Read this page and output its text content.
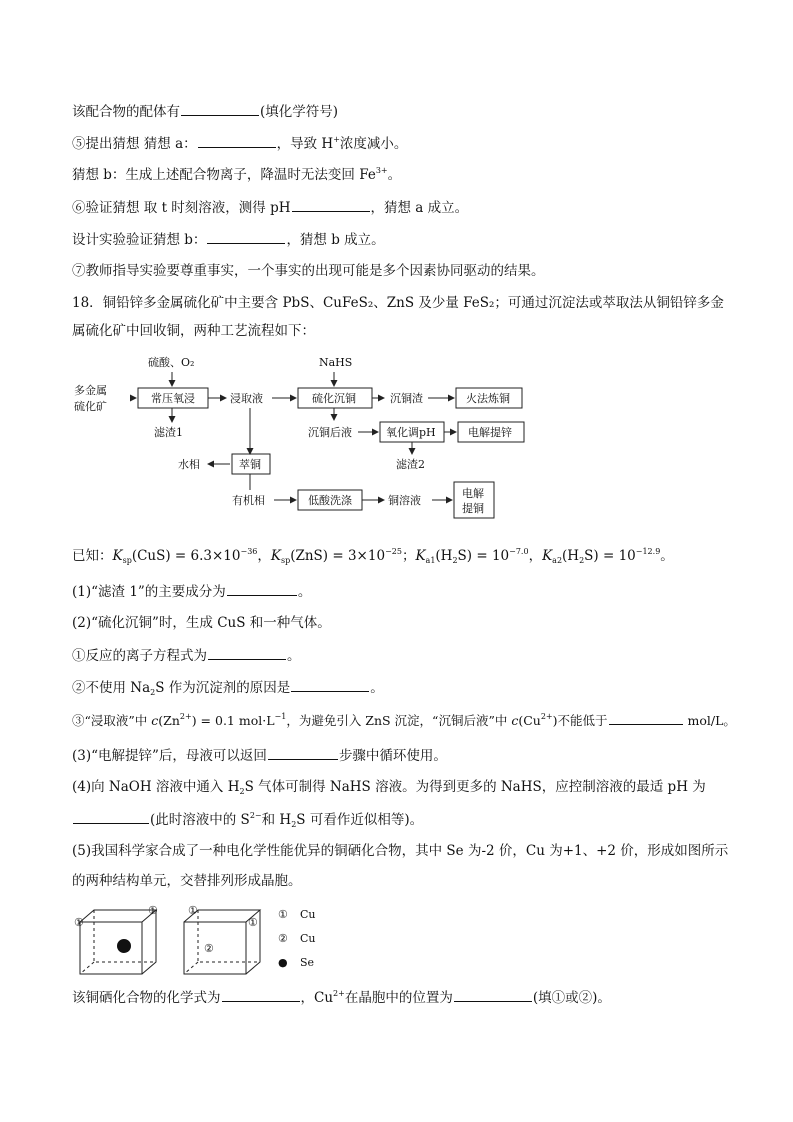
该配合物的配体有	(填化学符号)
⑤提出猜想 猜想 a：	，导致 H+浓度减小。
猜想 b：生成上述配合物离子，降温时无法变回 $Fe^{3+}$。
⑥验证猜想 取 t 时刻溶液，测得 pH	，猜想 a 成立。
设计实验验证猜想 b：	，猜想 b 成立。
⑦教师指导实验要尊重事实，一个事实的出现可能是多个因素协同驱动的结果。
18．铜铅锌多金属硫化矿中主要含 PbS、CuFeS₂、ZnS 及少量 FeS₂；可通过沉淀法或萃取法从铜铅锌多金
属硫化矿中回收铜，两种工艺流程如下：
多金属
硫化矿
硫酸、O₂
常压氧浸
滤渣1
浸取液
NaHS
硫化沉铜	沉铜渣	火法炼铜
沉铜后液	氧化调pH	电解提锌
滤渣2
水相	萃铜
有机相	低酸洗涤	铜溶液
电解
提铜
已知：$K_{sp}(CuS) = 6.3\times 10^{-36}$，$K_{sp}(ZnS) = 3\times 10^{-25}$；$K_{a1}(H_2S) = 10^{-7.0}$，$K_{a2}(H_2S) = 10^{-12.9}$。
(1)“滤渣 1”的主要成分为	。
(2)“硫化沉铜”时，生成 CuS 和一种气体。
①反应的离子方程式为	。
②不使用 $Na_2S$ 作为沉淀剂的原因是	。
③“浸取液”中 $c(Zn^{2+}) = 0.1$ $mol\cdot L^{-1}$，为避免引入 ZnS 沉淀，“沉铜后液”中 $c(Cu^{2+})$不能低于	mol/L。
(3)“电解提锌”后，母液可以返回	步骤中循环使用。
(4)向 NaOH 溶液中通入 $H_2S$ 气体可制得 NaHS 溶液。为得到更多的 NaHS，应控制溶液的最适 pH 为
(此时溶液中的 $S^{2-}$和 $H_2S$ 可看作近似相等)。
(5)我国科学家合成了一种电化学性能优异的铜硒化合物，其中 Se 为-2 价，Cu 为+1、+2 价，形成如图所示
的两种结构单元，交替排列形成晶胞。
①
①	①
②
①
① Cu
② Cu
● Se
该铜硒化合物的化学式为	，$Cu^{2+}$在晶胞中的位置为	(填①或②)。
